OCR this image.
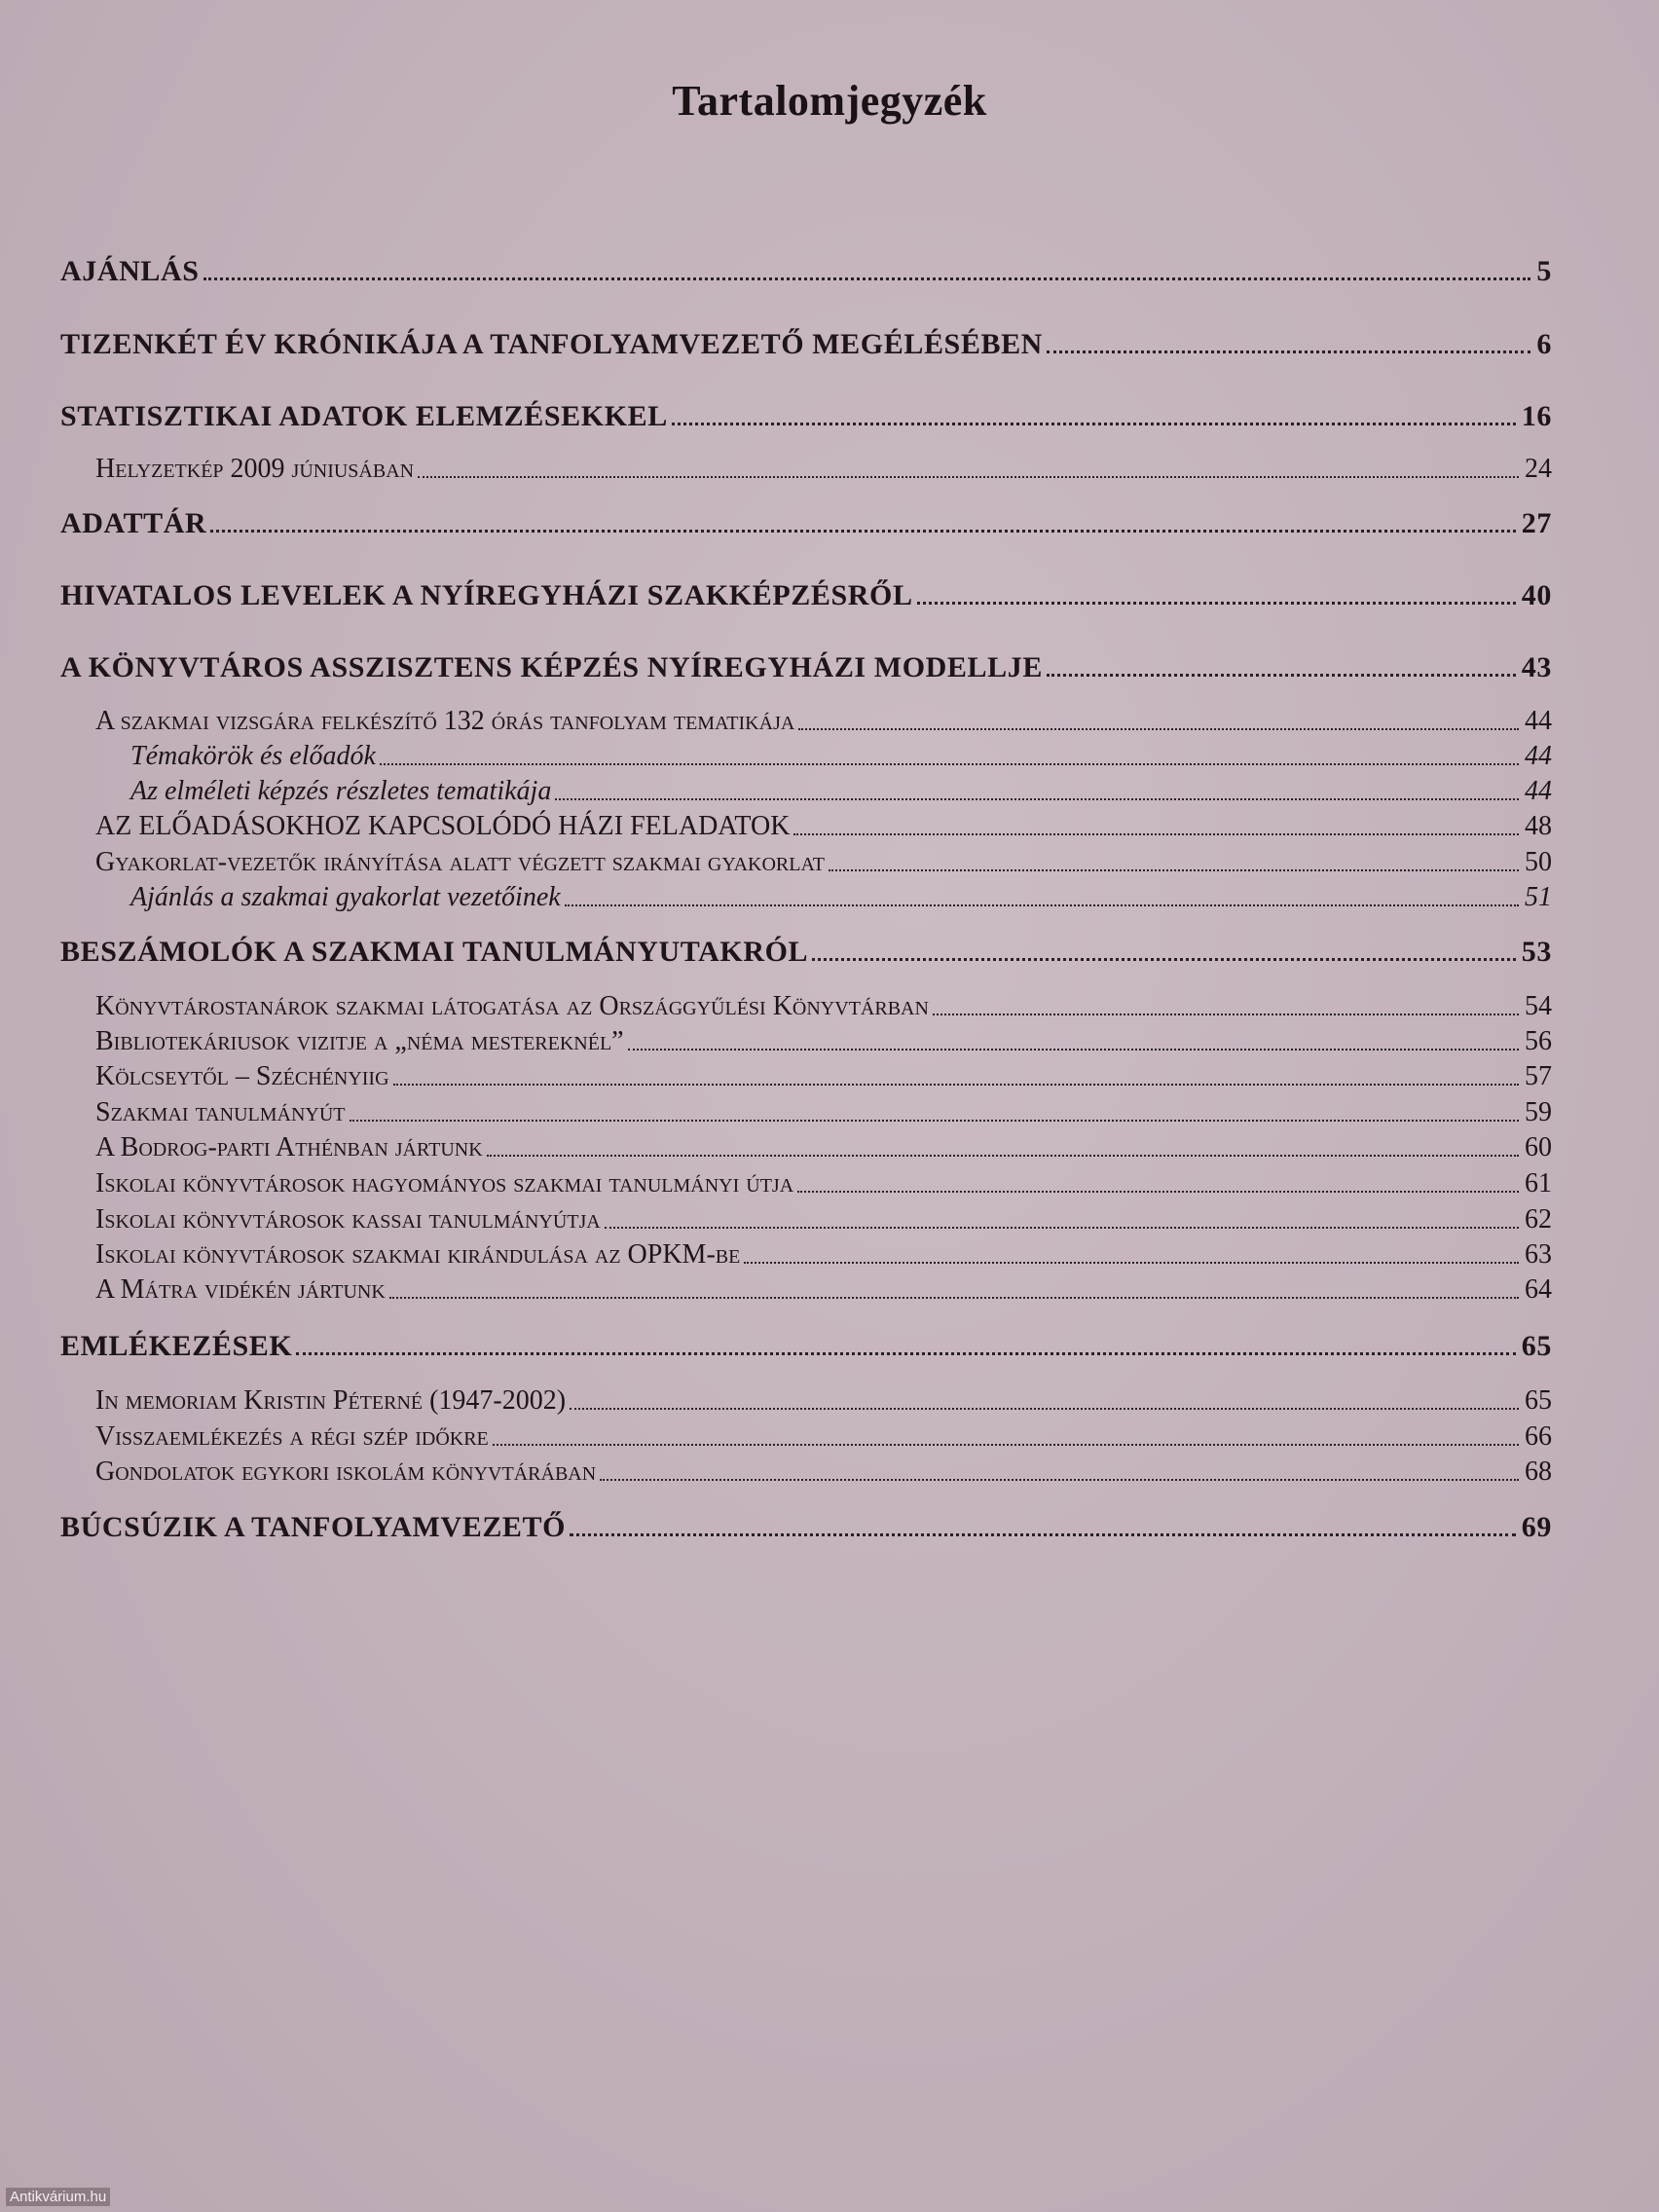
Tartalomjegyzék
AJÁNLÁS	5
TIZENKÉT ÉV KRÓNIKÁJA A TANFOLYAMVEZETŐ MEGÉLÉSÉBEN	6
STATISZTIKAI ADATOK ELEMZÉSEKKEL	16
Helyzetkép 2009 júniusában	24
ADATTÁR	27
HIVATALOS LEVELEK A NYÍREGYHÁZI SZAKKÉPZÉSRŐL	40
A KÖNYVTÁROS ASSZISZTENS KÉPZÉS NYÍREGYHÁZI MODELLJE	43
A szakmai vizsgára felkészítő 132 órás tanfolyam tematikája	44
Témakörök és előadók	44
Az elméleti képzés részletes tematikája	44
AZ ELŐADÁSOKHOZ KAPCSOLÓDÓ HÁZI FELADATOK	48
Gyakorlat-vezetők irányítása alatt végzett szakmai gyakorlat	50
Ajánlás a szakmai gyakorlat vezetőinek	51
BESZÁMOLÓK A SZAKMAI TANULMÁNYUTAKRÓL	53
Könyvtárostanárok szakmai látogatása az Országgyűlési Könyvtárban	54
Bibliotekáriusok vizitje a „néma mestereknél”	56
Kölcseytől – Széchényiig	57
Szakmai tanulmányút	59
A Bodrog-parti Athénban jártunk	60
Iskolai könyvtárosok hagyományos szakmai tanulmányi útja	61
Iskolai könyvtárosok kassai tanulmányútja	62
Iskolai könyvtárosok szakmai kirándulása az OPKM-be	63
A Mátra vidékén jártunk	64
EMLÉKEZÉSEK	65
In memoriam Kristin Péterné (1947-2002)	65
Visszaemlékezés a régi szép időkre	66
Gondolatok egykori iskolám könyvtárában	68
BÚCSÚZIK A TANFOLYAMVEZETŐ	69
Antikvárium.hu
